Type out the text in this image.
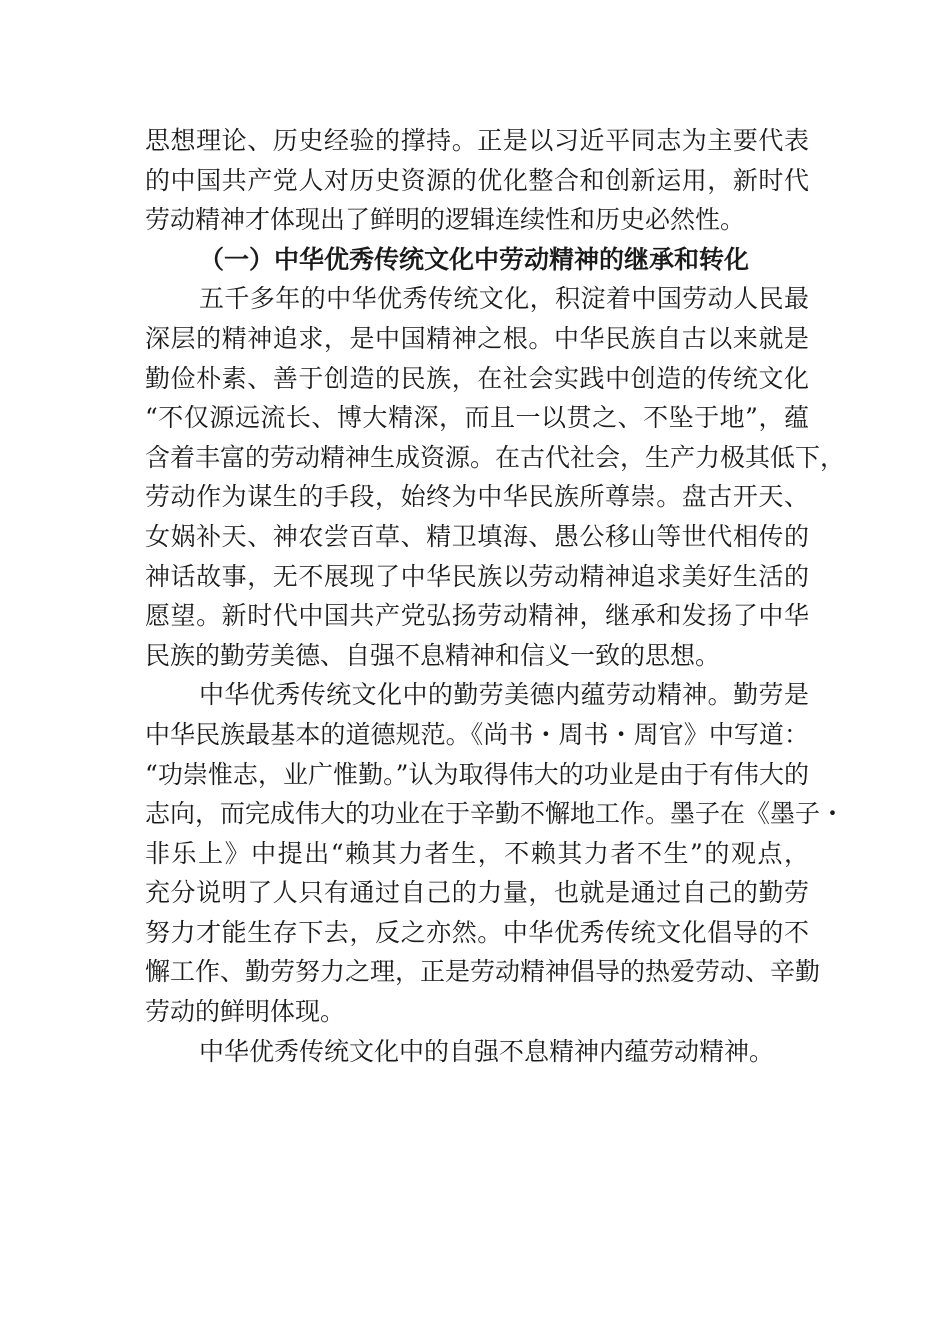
思想理论、历史经验的撑持。正是以习近平同志为主要代表
的中国共产党人对历史资源的优化整合和创新运用，新时代
劳动精神才体现出了鲜明的逻辑连续性和历史必然性。
（一）中华优秀传统文化中劳动精神的继承和转化
五千多年的中华优秀传统文化，积淀着中国劳动人民最
深层的精神追求，是中国精神之根。中华民族自古以来就是
勤俭朴素、善于创造的民族，在社会实践中创造的传统文化
“不仅源远流长、博大精深，而且一以贯之、不坠于地”，蕴
含着丰富的劳动精神生成资源。在古代社会，生产力极其低下，
劳动作为谋生的手段，始终为中华民族所尊崇。盘古开天、
女娲补天、神农尝百草、精卫填海、愚公移山等世代相传的
神话故事，无不展现了中华民族以劳动精神追求美好生活的
愿望。新时代中国共产党弘扬劳动精神，继承和发扬了中华
民族的勤劳美德、自强不息精神和信义一致的思想。
中华优秀传统文化中的勤劳美德内蕴劳动精神。勤劳是
中华民族最基本的道德规范。《尚书・周书・周官》中写道：
“功崇惟志，业广惟勤。”认为取得伟大的功业是由于有伟大的
志向，而完成伟大的功业在于辛勤不懈地工作。墨子在《墨子・
非乐上》中提出“赖其力者生，不赖其力者不生”的观点，
充分说明了人只有通过自己的力量，也就是通过自己的勤劳
努力才能生存下去，反之亦然。中华优秀传统文化倡导的不
懈工作、勤劳努力之理，正是劳动精神倡导的热爱劳动、辛勤
劳动的鲜明体现。
中华优秀传统文化中的自强不息精神内蕴劳动精神。
